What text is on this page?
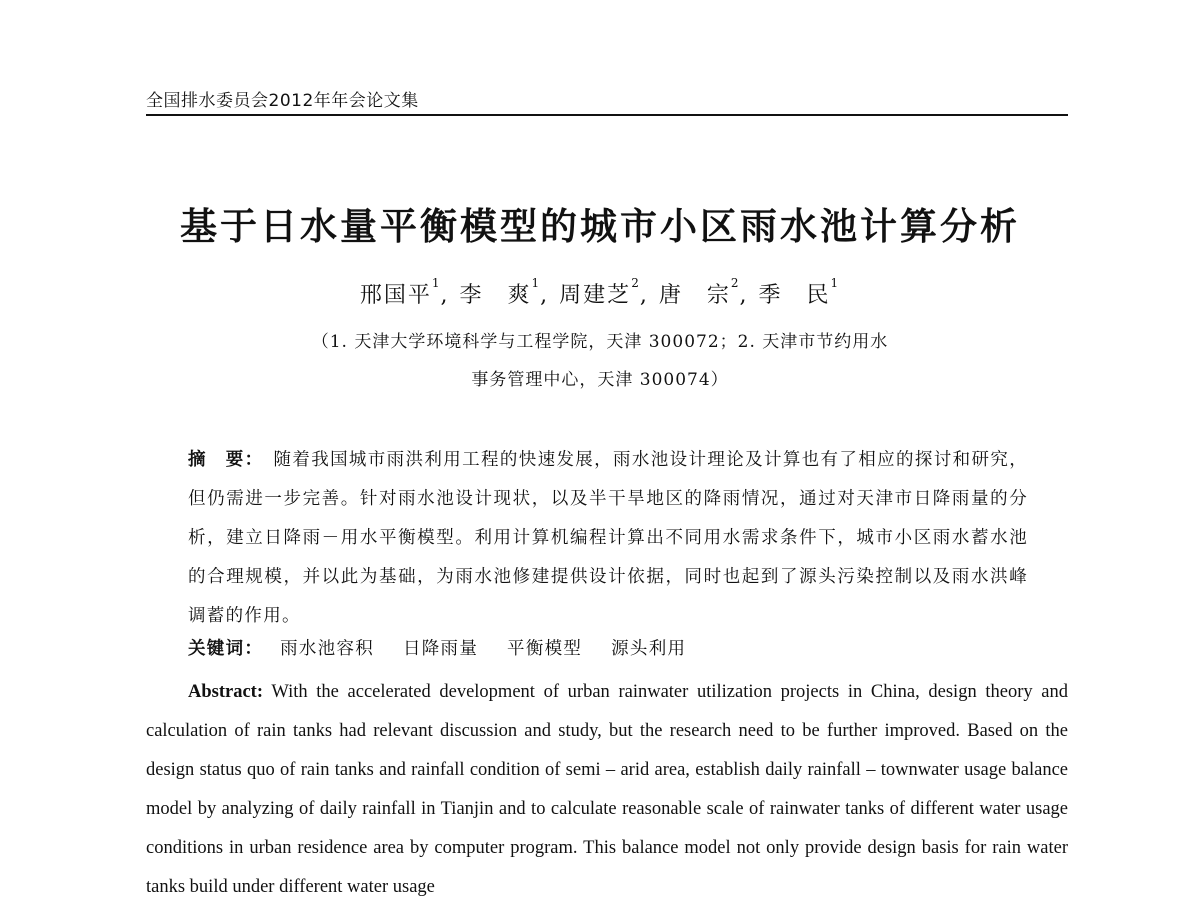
全国排水委员会2012年年会论文集
基于日水量平衡模型的城市小区雨水池计算分析
邢国平$^1$, 李　爽$^1$, 周建芝$^2$, 唐　宗$^2$, 季　民$^1$
（1. 天津大学环境科学与工程学院，天津 300072；2. 天津市节约用水
事务管理中心，天津 300074）
摘　要： 随着我国城市雨洪利用工程的快速发展，雨水池设计理论及计算也有了相应的探讨和研究，但仍需进一步完善。针对雨水池设计现状，以及半干旱地区的降雨情况，通过对天津市日降雨量的分析，建立日降雨－用水平衡模型。利用计算机编程计算出不同用水需求条件下，城市小区雨水蓄水池的合理规模，并以此为基础，为雨水池修建提供设计依据，同时也起到了源头污染控制以及雨水洪峰调蓄的作用。
关键词： 雨水池容积 日降雨量 平衡模型 源头利用
Abstract: With the accelerated development of urban rainwater utilization projects in China, design theory and calculation of rain tanks had relevant discussion and study, but the research need to be further improved. Based on the design status quo of rain tanks and rainfall condition of semi – arid area, establish daily rainfall – townwater usage balance model by analyzing of daily rainfall in Tianjin and to calculate reasonable scale of rainwater tanks of different water usage conditions in urban residence area by computer program. This balance model not only provide design basis for rain water tanks build under different water usage
